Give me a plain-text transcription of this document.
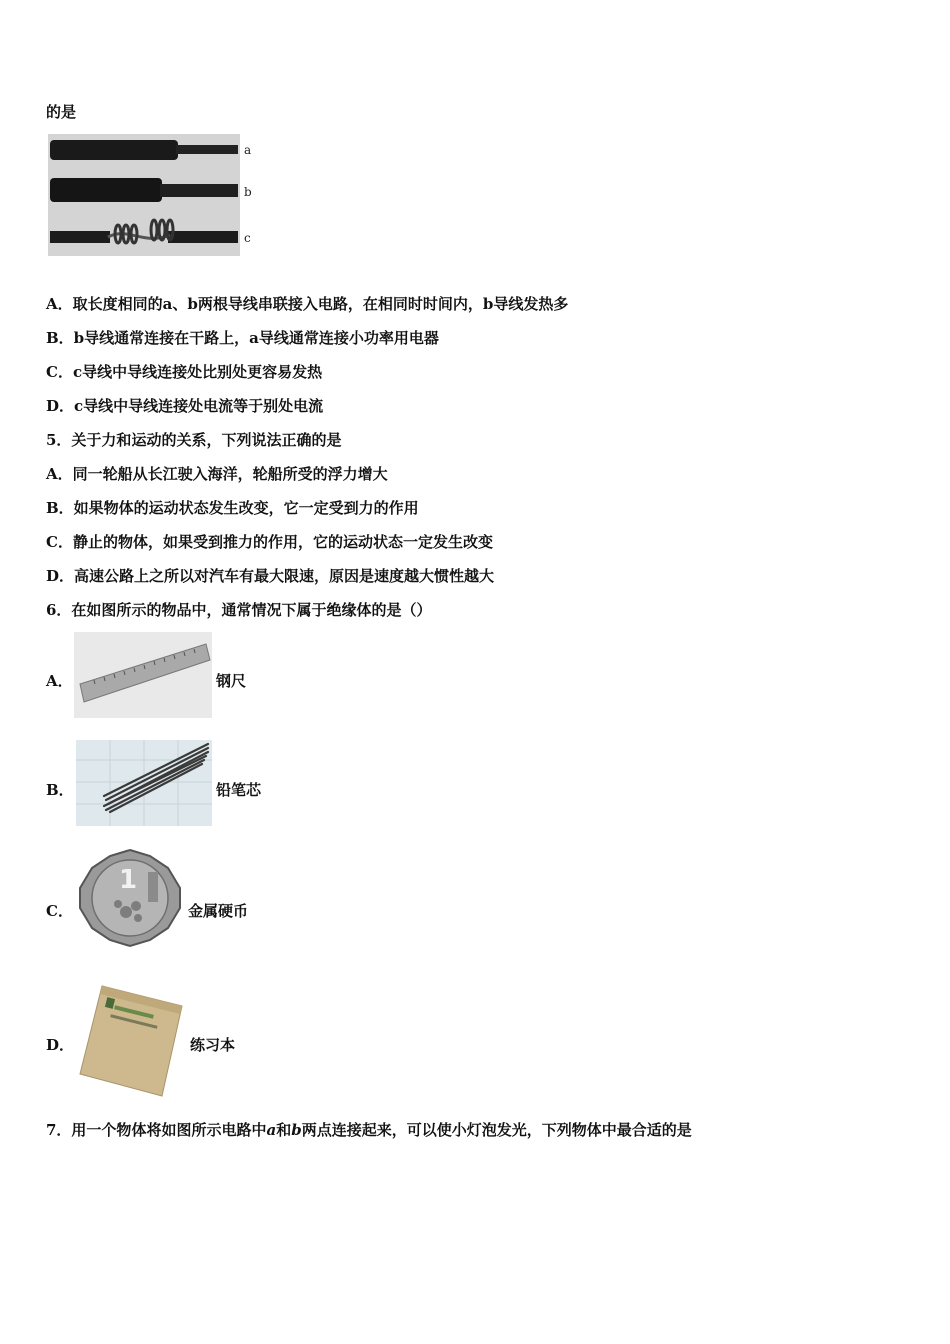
的是
a
b
c
A．取长度相同的a、b两根导线串联接入电路，在相同时时间内，b导线发热多
B．b导线通常连接在干路上，a导线通常连接小功率用电器
C．c导线中导线连接处比别处更容易发热
D．c导线中导线连接处电流等于别处电流
5．关于力和运动的关系，下列说法正确的是
A．同一轮船从长江驶入海洋，轮船所受的浮力增大
B．如果物体的运动状态发生改变，它一定受到力的作用
C．静止的物体，如果受到推力的作用，它的运动状态一定发生改变
D．高速公路上之所以对汽车有最大限速，原因是速度越大惯性越大
6．在如图所示的物品中，通常情况下属于绝缘体的是（）
A．	钢尺
B．	铅笔芯
C．
1
金属硬币
D．	练习本
7．用一个物体将如图所示电路中a和b两点连接起来，可以使小灯泡发光，下列物体中最合适的是
